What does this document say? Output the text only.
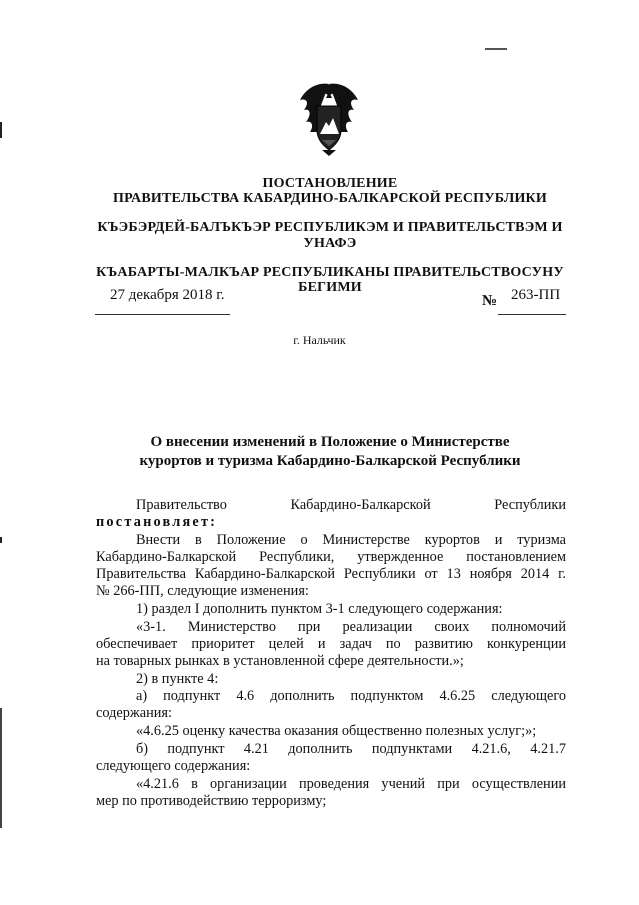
ПОСТАНОВЛЕНИЕ
ПРАВИТЕЛЬСТВА КАБАРДИНО-БАЛКАРСКОЙ РЕСПУБЛИКИ
КЪЭБЭРДЕЙ-БАЛЪКЪЭР РЕСПУБЛИКЭМ И ПРАВИТЕЛЬСТВЭМ И
УНАФЭ
КЪАБАРТЫ-МАЛКЪАР РЕСПУБЛИКАНЫ ПРАВИТЕЛЬСТВОСУНУ
БЕГИМИ
27 декабря 2018 г.	№ 263-ПП
г. Нальчик
О внесении изменений в Положение о Министерстве
курортов и туризма Кабардино-Балкарской Республики
Правительство Кабардино-Балкарской Республики
постановляет:
Внести в Положение о Министерстве курортов и туризма
Кабардино-Балкарской Республики, утвержденное постановлением
Правительства Кабардино-Балкарской Республики от 13 ноября 2014 г.
№ 266-ПП, следующие изменения:
1) раздел I дополнить пунктом 3-1 следующего содержания:
«3-1. Министерство при реализации своих полномочий
обеспечивает приоритет целей и задач по развитию конкуренции
на товарных рынках в установленной сфере деятельности.»;
2) в пункте 4:
а) подпункт 4.6 дополнить подпунктом 4.6.25 следующего
содержания:
«4.6.25 оценку качества оказания общественно полезных услуг;»;
б) подпункт 4.21 дополнить подпунктами 4.21.6, 4.21.7
следующего содержания:
«4.21.6 в организации проведения учений при осуществлении
мер по противодействию терроризму;
